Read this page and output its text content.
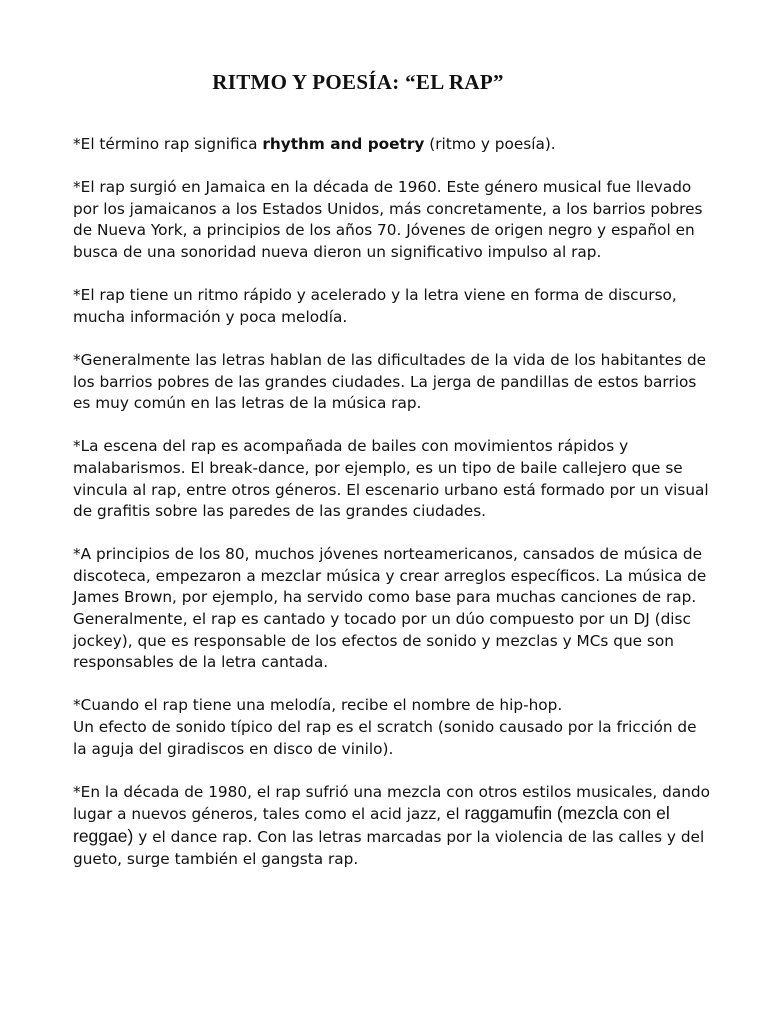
RITMO Y POESÍA: “EL RAP”

*El término rap significa rhythm and poetry (ritmo y poesía).

*El rap surgió en Jamaica en la década de 1960. Este género musical fue llevado por los jamaicanos a los Estados Unidos, más concretamente, a los barrios pobres de Nueva York, a principios de los años 70. Jóvenes de origen negro y español en busca de una sonoridad nueva dieron un significativo impulso al rap.

*El rap tiene un ritmo rápido y acelerado y la letra viene en forma de discurso, mucha información y poca melodía.

*Generalmente las letras hablan de las dificultades de la vida de los habitantes de los barrios pobres de las grandes ciudades. La jerga de pandillas de estos barrios es muy común en las letras de la música rap.

*La escena del rap es acompañada de bailes con movimientos rápidos y malabarismos. El break-dance, por ejemplo, es un tipo de baile callejero que se vincula al rap, entre otros géneros. El escenario urbano está formado por un visual de grafitis sobre las paredes de las grandes ciudades.

*A principios de los 80, muchos jóvenes norteamericanos, cansados de música de discoteca, empezaron a mezclar música y crear arreglos específicos. La música de James Brown, por ejemplo, ha servido como base para muchas canciones de rap. Generalmente, el rap es cantado y tocado por un dúo compuesto por un DJ (disc jockey), que es responsable de los efectos de sonido y mezclas y MCs que son responsables de la letra cantada.

*Cuando el rap tiene una melodía, recibe el nombre de hip-hop.

Un efecto de sonido típico del rap es el scratch (sonido causado por la fricción de la aguja del giradiscos en disco de vinilo).

*En la década de 1980, el rap sufrió una mezcla con otros estilos musicales, dando lugar a nuevos géneros, tales como el acid jazz, el raggamufin (mezcla con el reggae) y el dance rap. Con las letras marcadas por la violencia de las calles y del gueto, surge también el gangsta rap.
